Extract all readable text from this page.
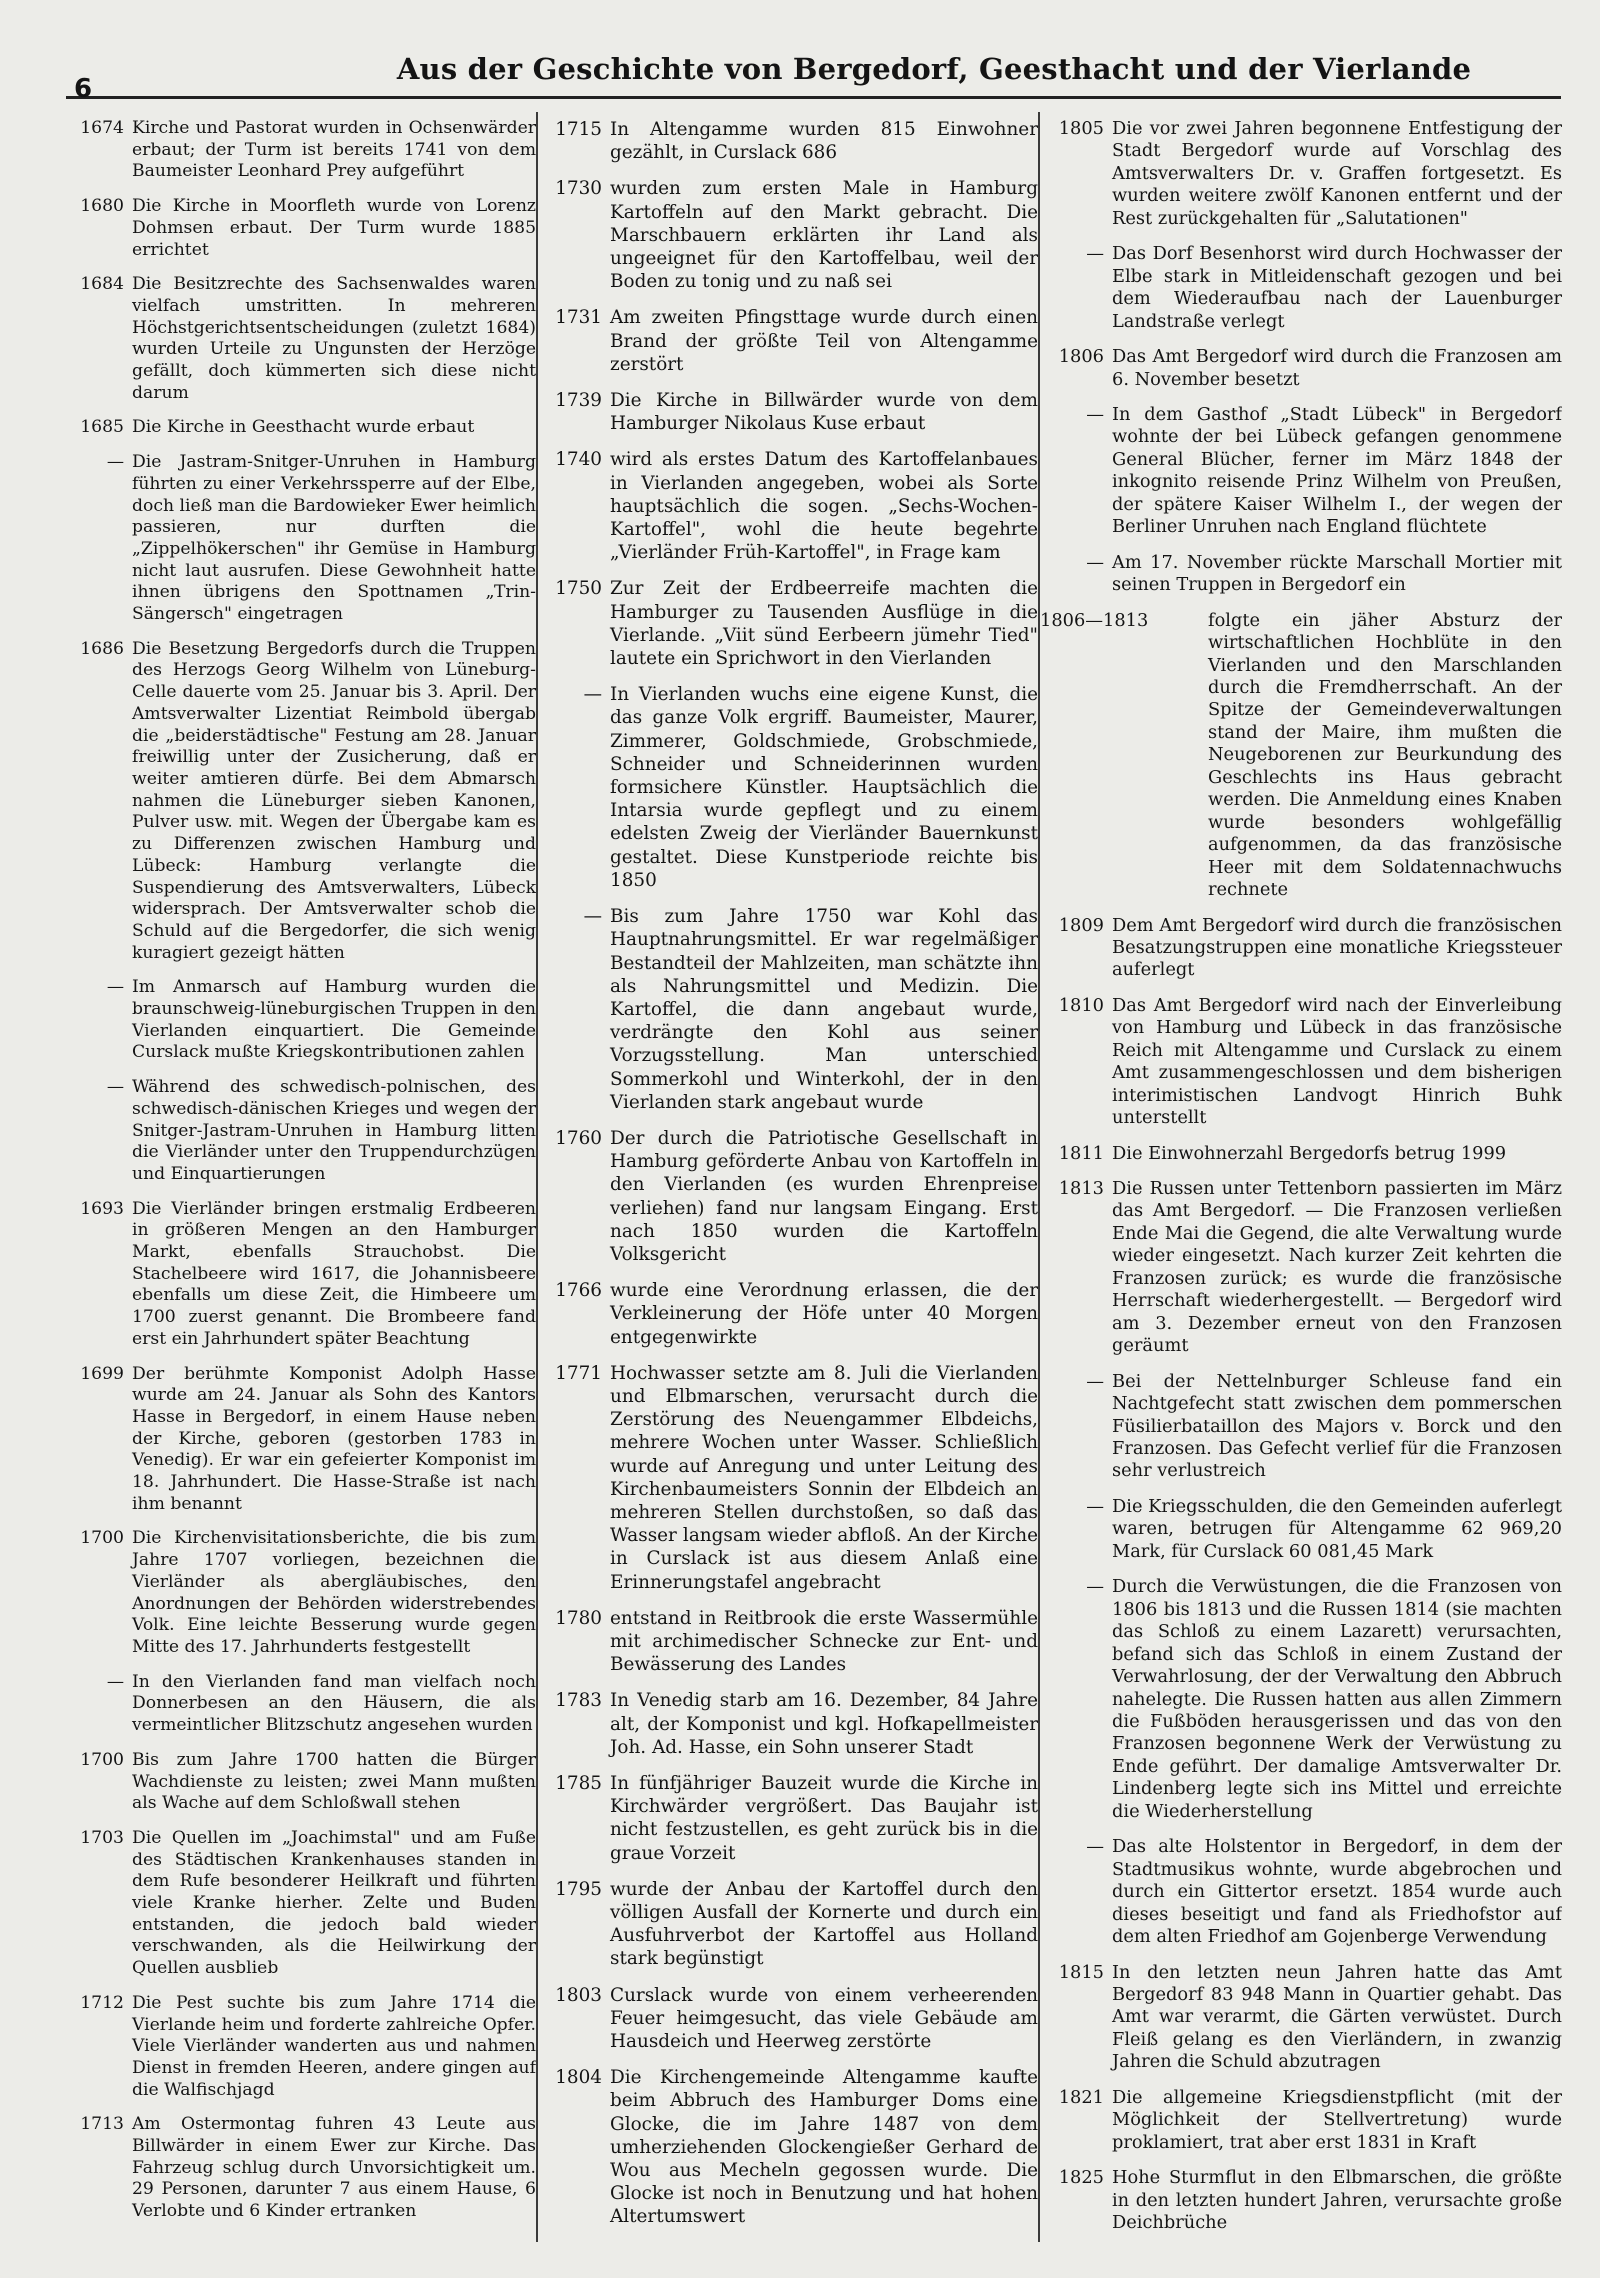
6
Aus der Geschichte von Bergedorf, Geesthacht und der Vierlande
1674 Kirche und Pastorat wurden in Ochsenwärder erbaut; der Turm ist bereits 1741 von dem Baumeister Leonhard Prey aufgeführt
1680 Die Kirche in Moorfleth wurde von Lorenz Dohmsen erbaut. Der Turm wurde 1885 errichtet
1684 Die Besitzrechte des Sachsenwaldes waren vielfach umstritten. In mehreren Höchstgerichtsentscheidungen (zuletzt 1684) wurden Urteile zu Ungunsten der Herzöge gefällt, doch kümmerten sich diese nicht darum
1685 Die Kirche in Geesthacht wurde erbaut
— Die Jastram-Snitger-Unruhen in Hamburg führten zu einer Verkehrssperre auf der Elbe, doch ließ man die Bardowieker Ewer heimlich passieren, nur durften die „Zippelhökerschen" ihr Gemüse in Hamburg nicht laut ausrufen. Diese Gewohnheit hatte ihnen übrigens den Spottnamen „Trin-Sängersch" eingetragen
1686 Die Besetzung Bergedorfs durch die Truppen des Herzogs Georg Wilhelm von Lüneburg-Celle dauerte vom 25. Januar bis 3. April. Der Amtsverwalter Lizentiat Reimbold übergab die „beiderstädtische" Festung am 28. Januar freiwillig unter der Zusicherung, daß er weiter amtieren dürfe. Bei dem Abmarsch nahmen die Lüneburger sieben Kanonen, Pulver usw. mit. Wegen der Übergabe kam es zu Differenzen zwischen Hamburg und Lübeck: Hamburg verlangte die Suspendierung des Amtsverwalters, Lübeck widersprach. Der Amtsverwalter schob die Schuld auf die Bergedorfer, die sich wenig kuragiert gezeigt hätten
— Im Anmarsch auf Hamburg wurden die braunschweig-lüneburgischen Truppen in den Vierlanden einquartiert. Die Gemeinde Curslack mußte Kriegskontributionen zahlen
— Während des schwedisch-polnischen, des schwedisch-dänischen Krieges und wegen der Snitger-Jastram-Unruhen in Hamburg litten die Vierländer unter den Truppendurchzügen und Einquartierungen
1693 Die Vierländer bringen erstmalig Erdbeeren in größeren Mengen an den Hamburger Markt, ebenfalls Strauchobst. Die Stachelbeere wird 1617, die Johannisbeere ebenfalls um diese Zeit, die Himbeere um 1700 zuerst genannt. Die Brombeere fand erst ein Jahrhundert später Beachtung
1699 Der berühmte Komponist Adolph Hasse wurde am 24. Januar als Sohn des Kantors Hasse in Bergedorf, in einem Hause neben der Kirche, geboren (gestorben 1783 in Venedig). Er war ein gefeierter Komponist im 18. Jahrhundert. Die Hasse-Straße ist nach ihm benannt
1700 Die Kirchenvisitationsberichte, die bis zum Jahre 1707 vorliegen, bezeichnen die Vierländer als abergläubisches, den Anordnungen der Behörden widerstrebendes Volk. Eine leichte Besserung wurde gegen Mitte des 17. Jahrhunderts festgestellt
— In den Vierlanden fand man vielfach noch Donnerbesen an den Häusern, die als vermeintlicher Blitzschutz angesehen wurden
1700 Bis zum Jahre 1700 hatten die Bürger Wachdienste zu leisten; zwei Mann mußten als Wache auf dem Schloßwall stehen
1703 Die Quellen im „Joachimstal" und am Fuße des Städtischen Krankenhauses standen in dem Rufe besonderer Heilkraft und führten viele Kranke hierher. Zelte und Buden entstanden, die jedoch bald wieder verschwanden, als die Heilwirkung der Quellen ausblieb
1712 Die Pest suchte bis zum Jahre 1714 die Vierlande heim und forderte zahlreiche Opfer. Viele Vierländer wanderten aus und nahmen Dienst in fremden Heeren, andere gingen auf die Walfischjagd
1713 Am Ostermontag fuhren 43 Leute aus Billwärder in einem Ewer zur Kirche. Das Fahrzeug schlug durch Unvorsichtigkeit um. 29 Personen, darunter 7 aus einem Hause, 6 Verlobte und 6 Kinder ertranken
1715 In Altengamme wurden 815 Einwohner gezählt, in Curslack 686
1730 wurden zum ersten Male in Hamburg Kartoffeln auf den Markt gebracht. Die Marschbauern erklärten ihr Land als ungeeignet für den Kartoffelbau, weil der Boden zu tonig und zu naß sei
1731 Am zweiten Pfingsttage wurde durch einen Brand der größte Teil von Altengamme zerstört
1739 Die Kirche in Billwärder wurde von dem Hamburger Nikolaus Kuse erbaut
1740 wird als erstes Datum des Kartoffelanbaues in Vierlanden angegeben, wobei als Sorte hauptsächlich die sogen. „Sechs-Wochen-Kartoffel", wohl die heute begehrte „Vierländer Früh-Kartoffel", in Frage kam
1750 Zur Zeit der Erdbeerreife machten die Hamburger zu Tausenden Ausflüge in die Vierlande. „Viit sünd Eerbeern jümehr Tied" lautete ein Sprichwort in den Vierlanden
— In Vierlanden wuchs eine eigene Kunst, die das ganze Volk ergriff. Baumeister, Maurer, Zimmerer, Goldschmiede, Grobschmiede, Schneider und Schneiderinnen wurden formsichere Künstler. Hauptsächlich die Intarsia wurde gepflegt und zu einem edelsten Zweig der Vierländer Bauernkunst gestaltet. Diese Kunstperiode reichte bis 1850
— Bis zum Jahre 1750 war Kohl das Hauptnahrungsmittel. Er war regelmäßiger Bestandteil der Mahlzeiten, man schätzte ihn als Nahrungsmittel und Medizin. Die Kartoffel, die dann angebaut wurde, verdrängte den Kohl aus seiner Vorzugsstellung. Man unterschied Sommerkohl und Winterkohl, der in den Vierlanden stark angebaut wurde
1760 Der durch die Patriotische Gesellschaft in Hamburg geförderte Anbau von Kartoffeln in den Vierlanden (es wurden Ehrenpreise verliehen) fand nur langsam Eingang. Erst nach 1850 wurden die Kartoffeln Volksgericht
1766 wurde eine Verordnung erlassen, die der Verkleinerung der Höfe unter 40 Morgen entgegenwirkte
1771 Hochwasser setzte am 8. Juli die Vierlanden und Elbmarschen, verursacht durch die Zerstörung des Neuengammer Elbdeichs, mehrere Wochen unter Wasser. Schließlich wurde auf Anregung und unter Leitung des Kirchenbaumeisters Sonnin der Elbdeich an mehreren Stellen durchstoßen, so daß das Wasser langsam wieder abfloß. An der Kirche in Curslack ist aus diesem Anlaß eine Erinnerungstafel angebracht
1780 entstand in Reitbrook die erste Wassermühle mit archimedischer Schnecke zur Ent- und Bewässerung des Landes
1783 In Venedig starb am 16. Dezember, 84 Jahre alt, der Komponist und kgl. Hofkapellmeister Joh. Ad. Hasse, ein Sohn unserer Stadt
1785 In fünfjähriger Bauzeit wurde die Kirche in Kirchwärder vergrößert. Das Baujahr ist nicht festzustellen, es geht zurück bis in die graue Vorzeit
1795 wurde der Anbau der Kartoffel durch den völligen Ausfall der Kornerte und durch ein Ausfuhrverbot der Kartoffel aus Holland stark begünstigt
1803 Curslack wurde von einem verheerenden Feuer heimgesucht, das viele Gebäude am Hausdeich und Heerweg zerstörte
1804 Die Kirchengemeinde Altengamme kaufte beim Abbruch des Hamburger Doms eine Glocke, die im Jahre 1487 von dem umherziehenden Glockengießer Gerhard de Wou aus Mecheln gegossen wurde. Die Glocke ist noch in Benutzung und hat hohen Altertumswert
1805 Die vor zwei Jahren begonnene Entfestigung der Stadt Bergedorf wurde auf Vorschlag des Amtsverwalters Dr. v. Graffen fortgesetzt. Es wurden weitere zwölf Kanonen entfernt und der Rest zurückgehalten für „Salutationen"
— Das Dorf Besenhorst wird durch Hochwasser der Elbe stark in Mitleidenschaft gezogen und bei dem Wiederaufbau nach der Lauenburger Landstraße verlegt
1806 Das Amt Bergedorf wird durch die Franzosen am 6. November besetzt
— In dem Gasthof „Stadt Lübeck" in Bergedorf wohnte der bei Lübeck gefangen genommene General Blücher, ferner im März 1848 der inkognito reisende Prinz Wilhelm von Preußen, der spätere Kaiser Wilhelm I., der wegen der Berliner Unruhen nach England flüchtete
— Am 17. November rückte Marschall Mortier mit seinen Truppen in Bergedorf ein
1806—1813	folgte ein jäher Absturz der wirtschaftlichen Hochblüte in den Vierlanden und den Marschlanden durch die Fremdherrschaft. An der Spitze der Gemeindeverwaltungen stand der Maire, ihm mußten die Neugeborenen zur Beurkundung des Geschlechts ins Haus gebracht werden. Die Anmeldung eines Knaben wurde besonders wohlgefällig aufgenommen, da das französische Heer mit dem Soldatennachwuchs rechnete
1809 Dem Amt Bergedorf wird durch die französischen Besatzungstruppen eine monatliche Kriegssteuer auferlegt
1810 Das Amt Bergedorf wird nach der Einverleibung von Hamburg und Lübeck in das französische Reich mit Altengamme und Curslack zu einem Amt zusammengeschlossen und dem bisherigen interimistischen Landvogt Hinrich Buhk unterstellt
1811 Die Einwohnerzahl Bergedorfs betrug 1999
1813 Die Russen unter Tettenborn passierten im März das Amt Bergedorf. — Die Franzosen verließen Ende Mai die Gegend, die alte Verwaltung wurde wieder eingesetzt. Nach kurzer Zeit kehrten die Franzosen zurück; es wurde die französische Herrschaft wiederhergestellt. — Bergedorf wird am 3. Dezember erneut von den Franzosen geräumt
— Bei der Nettelnburger Schleuse fand ein Nachtgefecht statt zwischen dem pommerschen Füsilierbataillon des Majors v. Borck und den Franzosen. Das Gefecht verlief für die Franzosen sehr verlustreich
— Die Kriegsschulden, die den Gemeinden auferlegt waren, betrugen für Altengamme 62 969,20 Mark, für Curslack 60 081,45 Mark
— Durch die Verwüstungen, die die Franzosen von 1806 bis 1813 und die Russen 1814 (sie machten das Schloß zu einem Lazarett) verursachten, befand sich das Schloß in einem Zustand der Verwahrlosung, der der Verwaltung den Abbruch nahelegte. Die Russen hatten aus allen Zimmern die Fußböden herausgerissen und das von den Franzosen begonnene Werk der Verwüstung zu Ende geführt. Der damalige Amtsverwalter Dr. Lindenberg legte sich ins Mittel und erreichte die Wiederherstellung
— Das alte Holstentor in Bergedorf, in dem der Stadtmusikus wohnte, wurde abgebrochen und durch ein Gittertor ersetzt. 1854 wurde auch dieses beseitigt und fand als Friedhofstor auf dem alten Friedhof am Gojenberge Verwendung
1815 In den letzten neun Jahren hatte das Amt Bergedorf 83 948 Mann in Quartier gehabt. Das Amt war verarmt, die Gärten verwüstet. Durch Fleiß gelang es den Vierländern, in zwanzig Jahren die Schuld abzutragen
1821 Die allgemeine Kriegsdienstpflicht (mit der Möglichkeit der Stellvertretung) wurde proklamiert, trat aber erst 1831 in Kraft
1825 Hohe Sturmflut in den Elbmarschen, die größte in den letzten hundert Jahren, verursachte große Deichbrüche
